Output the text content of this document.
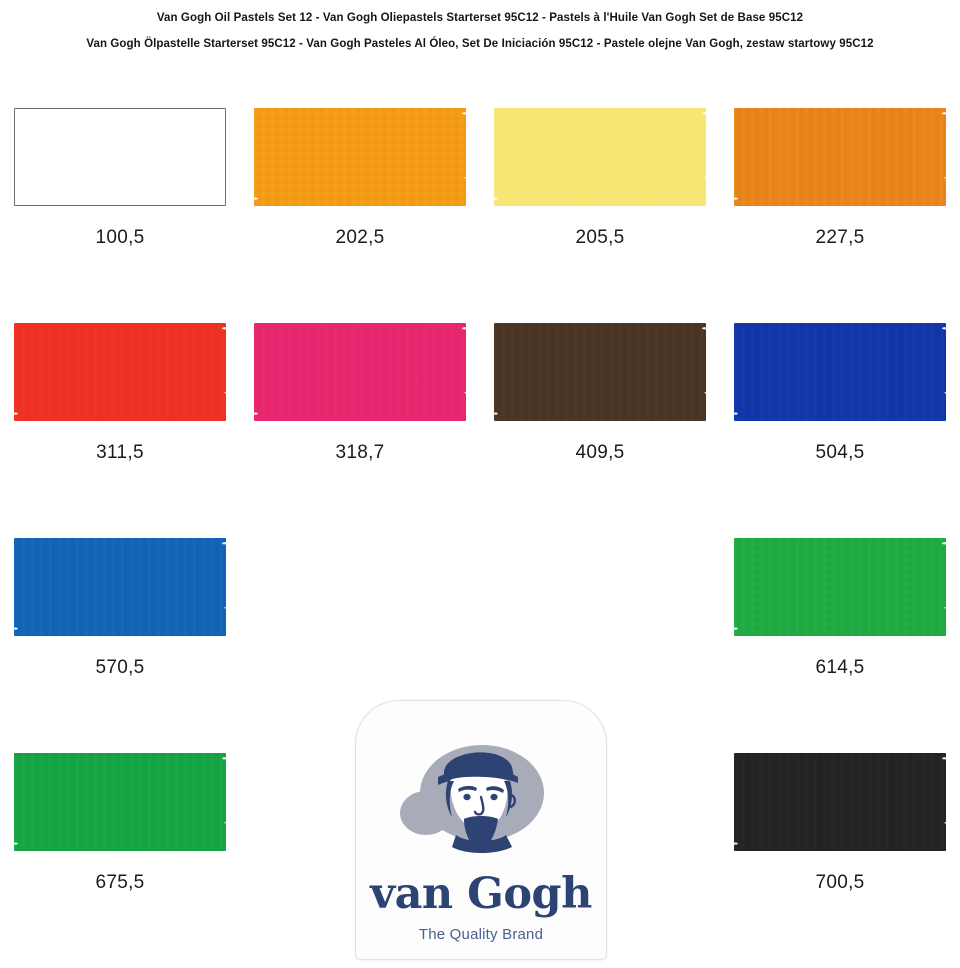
Van Gogh Oil Pastels Set 12 - Van Gogh Oliepastels Starterset 95C12 - Pastels à l'Huile Van Gogh Set de Base 95C12
Van Gogh Ölpastelle Starterset 95C12 - Van Gogh Pasteles Al Óleo, Set De Iniciación 95C12 - Pastele olejne Van Gogh, zestaw startowy 95C12
100,5	202,5	205,5	227,5
311,5	318,7	409,5	504,5
570,5	614,5
675,5	700,5
van Gogh
The Quality Brand
